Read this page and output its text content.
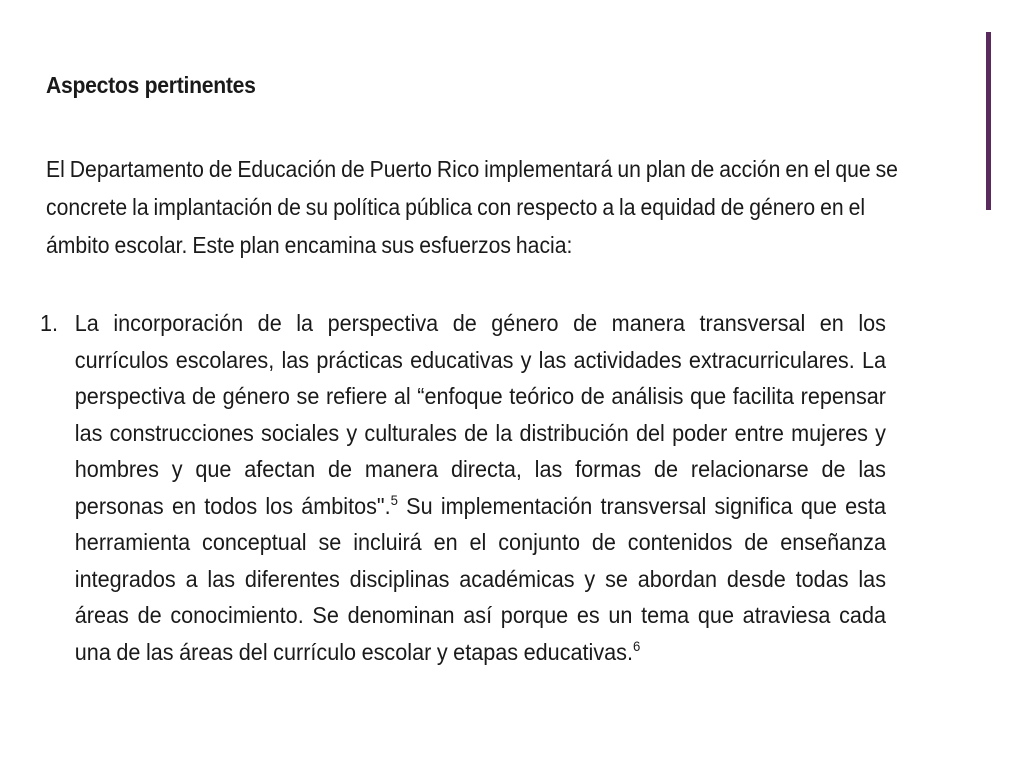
Aspectos pertinentes

El Departamento de Educación de Puerto Rico implementará un plan de acción en el que se concrete la implantación de su política pública con respecto a la equidad de género en el ámbito escolar. Este plan encamina sus esfuerzos hacia:

1. La incorporación de la perspectiva de género de manera transversal en los currículos escolares, las prácticas educativas y las actividades extracurriculares. La perspectiva de género se refiere al “enfoque teórico de análisis que facilita repensar las construcciones sociales y culturales de la distribución del poder entre mujeres y hombres y que afectan de manera directa, las formas de relacionarse de las personas en todos los ámbitos".$^5$ Su implementación transversal significa que esta herramienta conceptual se incluirá en el conjunto de contenidos de enseñanza integrados a las diferentes disciplinas académicas y se abordan desde todas las áreas de conocimiento. Se denominan así porque es un tema que atraviesa cada una de las áreas del currículo escolar y etapas educativas.$^6$
